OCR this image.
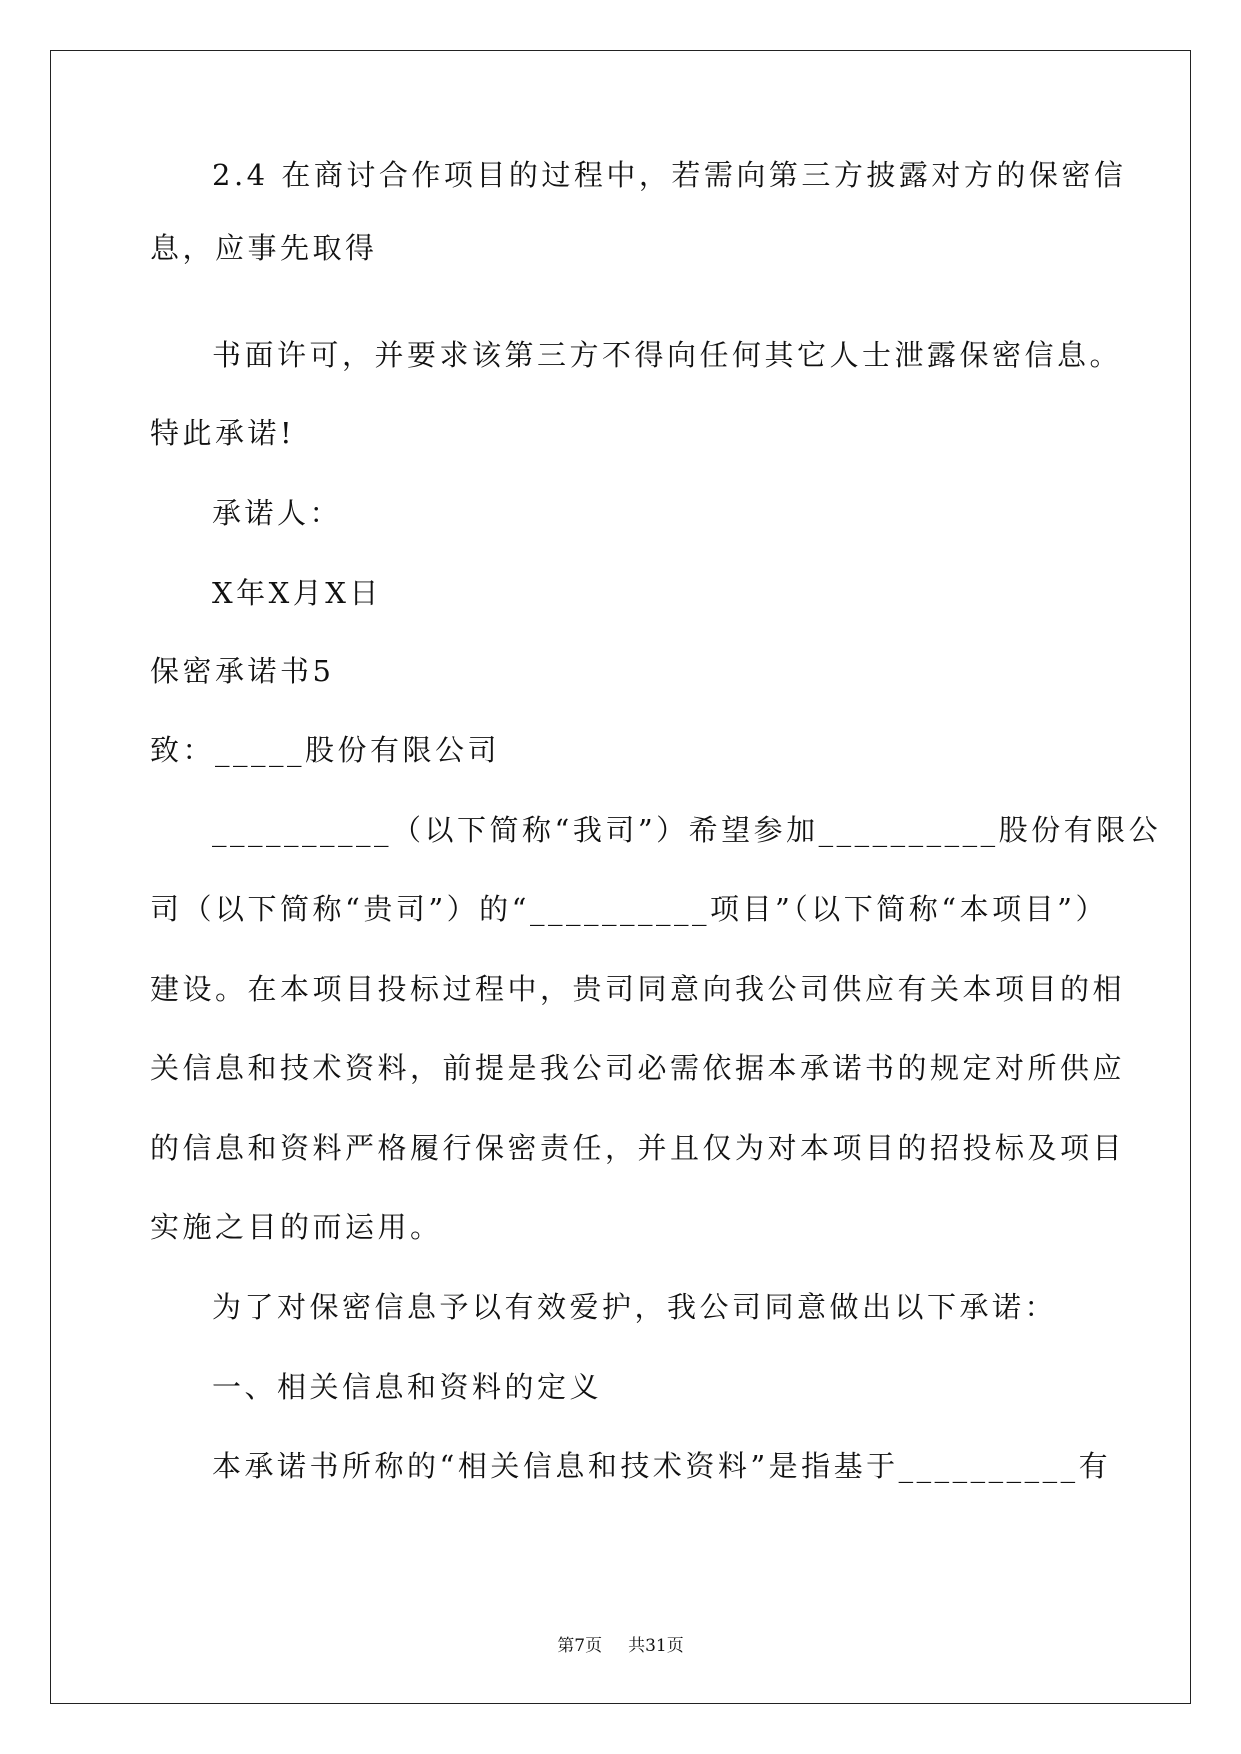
2.4 在商讨合作项目的过程中，若需向第三方披露对方的保密信
息，应事先取得
书面许可，并要求该第三方不得向任何其它人士泄露保密信息。
特此承诺!
承诺人：
X年X月X日
保密承诺书5
致：_____股份有限公司
__________（以下简称“我司”）希望参加__________股份有限公
司（以下简称“贵司”）的“__________项目”（以下简称“本项目”）
建设。在本项目投标过程中，贵司同意向我公司供应有关本项目的相
关信息和技术资料，前提是我公司必需依据本承诺书的规定对所供应
的信息和资料严格履行保密责任，并且仅为对本项目的招投标及项目
实施之目的而运用。
为了对保密信息予以有效爱护，我公司同意做出以下承诺：
一、相关信息和资料的定义
本承诺书所称的“相关信息和技术资料”是指基于__________有
第7页 共31页
